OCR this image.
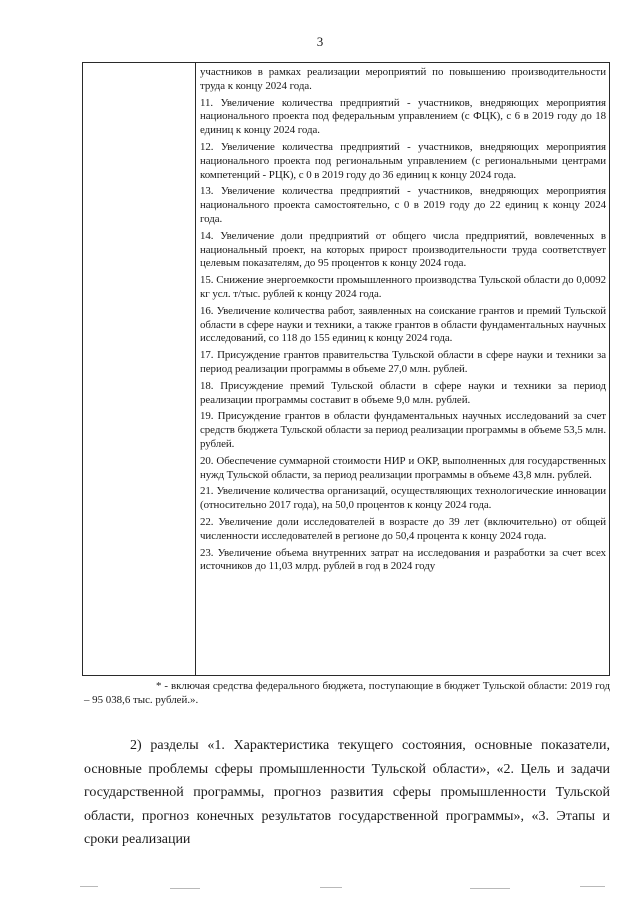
3

участников в рамках реализации мероприятий по повышению производительности труда к концу 2024 года.

11. Увеличение количества предприятий - участников, внедряющих мероприятия национального проекта под федеральным управлением (с ФЦК), с 6 в 2019 году до 18 единиц к концу 2024 года.

12. Увеличение количества предприятий - участников, внедряющих мероприятия национального проекта под региональным управлением (с региональными центрами компетенций - РЦК), с 0 в 2019 году до 36 единиц к концу 2024 года.

13. Увеличение количества предприятий - участников, внедряющих мероприятия национального проекта самостоятельно, с 0 в 2019 году до 22 единиц к концу 2024 года.

14. Увеличение доли предприятий от общего числа предприятий, вовлеченных в национальный проект, на которых прирост производительности труда соответствует целевым показателям, до 95 процентов к концу 2024 года.

15. Снижение энергоемкости промышленного производства Тульской области до 0,0092 кг усл. т/тыс. рублей к концу 2024 года.

16. Увеличение количества работ, заявленных на соискание грантов и премий Тульской области в сфере науки и техники, а также грантов в области фундаментальных научных исследований, со 118 до 155 единиц к концу 2024 года.

17. Присуждение грантов правительства Тульской области в сфере науки и техники за период реализации программы в объеме 27,0 млн. рублей.

18. Присуждение премий Тульской области в сфере науки и техники за период реализации программы составит в объеме 9,0 млн. рублей.

19. Присуждение грантов в области фундаментальных научных исследований за счет средств бюджета Тульской области за период реализации программы в объеме 53,5 млн. рублей.

20. Обеспечение суммарной стоимости НИР и ОКР, выполненных для государственных нужд Тульской области, за период реализации программы в объеме 43,8 млн. рублей.

21. Увеличение количества организаций, осуществляющих технологические инновации (относительно 2017 года), на 50,0 процентов к концу 2024 года.

22. Увеличение доли исследователей в возрасте до 39 лет (включительно) от общей численности исследователей в регионе до 50,4 процента к концу 2024 года.

23. Увеличение объема внутренних затрат на исследования и разработки за счет всех источников до 11,03 млрд. рублей в год в 2024 году

* - включая средства федерального бюджета, поступающие в бюджет Тульской области: 2019 год – 95 038,6 тыс. рублей.».
2) разделы «1. Характеристика текущего состояния, основные показатели, основные проблемы сферы промышленности Тульской области», «2. Цель и задачи государственной программы, прогноз развития сферы промышленности Тульской области, прогноз конечных результатов государственной программы», «3. Этапы и сроки реализации
